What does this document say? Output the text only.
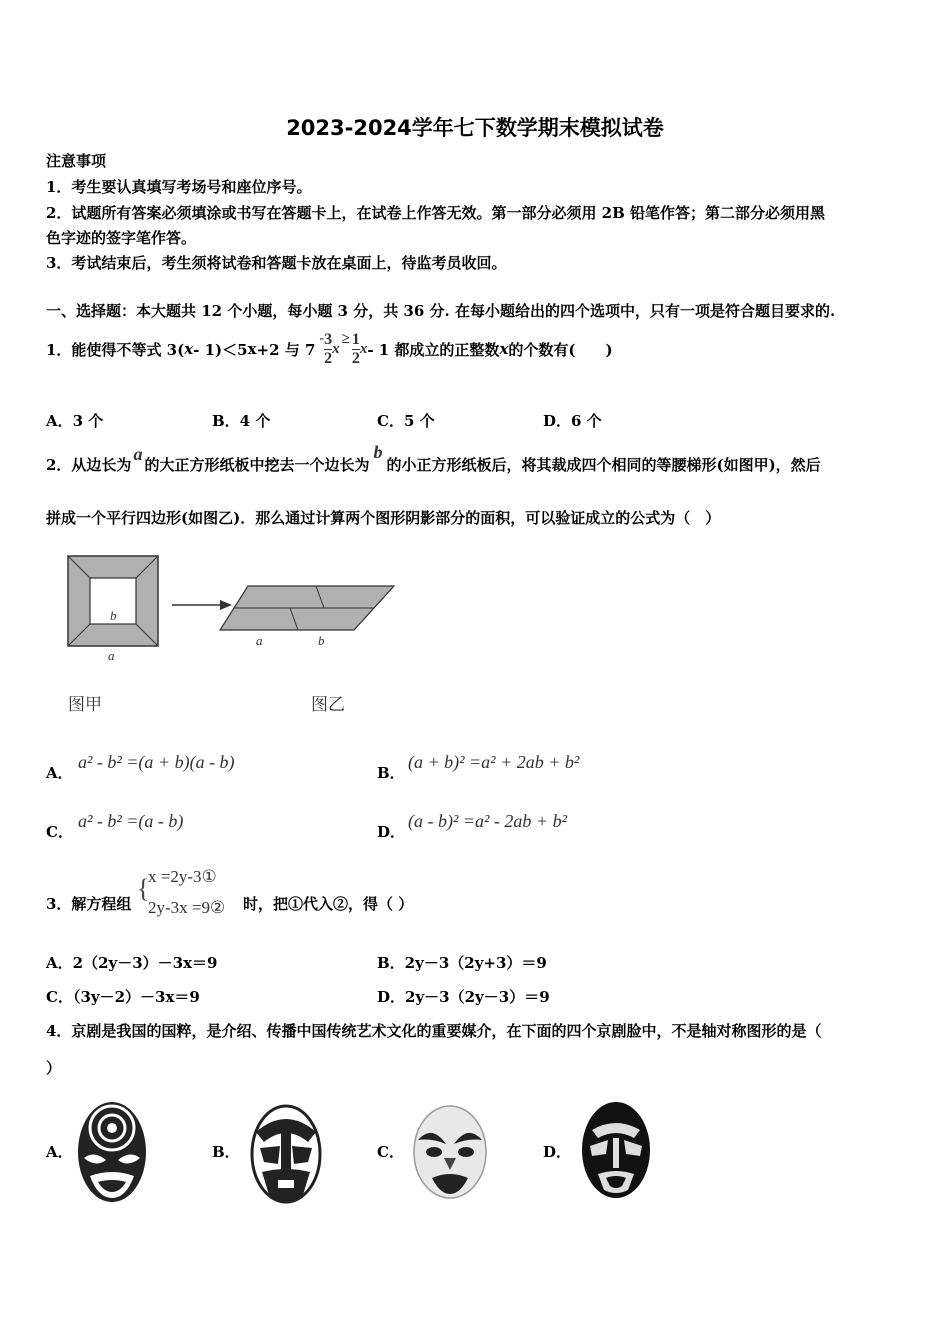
2023-2024学年七下数学期末模拟试卷
注意事项
1．考生要认真填写考场号和座位序号。
2．试题所有答案必须填涂或书写在答题卡上，在试卷上作答无效。第一部分必须用 2B 铅笔作答；第二部分必须用黑
色字迹的签字笔作答。
3．考试结束后，考生须将试卷和答题卡放在桌面上，待监考员收回。
一、选择题：本大题共 12 个小题，每小题 3 分，共 36 分. 在每小题给出的四个选项中，只有一项是符合题目要求的.
1．能使得不等式 3( x - 1)＜5 x +2 与 7
- $\frac{3}{2}$ x
≥ $\frac{1}{2}$ x - 1 都成立的正整数 x 的个数有(　　)
A．3 个	B．4 个	C．5 个	D．6 个
2．从边长为
a
的大正方形纸板中挖去一个边长为
b
的小正方形纸板后，将其裁成四个相同的等腰梯形(如图甲)，然后
拼成一个平行四边形(如图乙)．那么通过计算两个图形阴影部分的面积，可以验证成立的公式为（　）
b
a
a	b
图甲	图乙
A．
a² - b² =(a + b)(a - b)
B．
(a + b)² =a² + 2ab + b²
C．
a² - b² =(a - b)
D．
(a - b)² =a² - 2ab + b²
3．解方程组
{
x =2y-3①
2y-3x =9② 时，把①代入②，得（ ）
A．2（2y－3）－3x＝9	B．2y－3（2y+3）＝9
C．（3y－2）－3x＝9	D．2y－3（2y－3）＝9
4．京剧是我国的国粹，是介绍、传播中国传统艺术文化的重要媒介，在下面的四个京剧脸中，不是轴对称图形的是（
）
A．	B．	C．	D．
